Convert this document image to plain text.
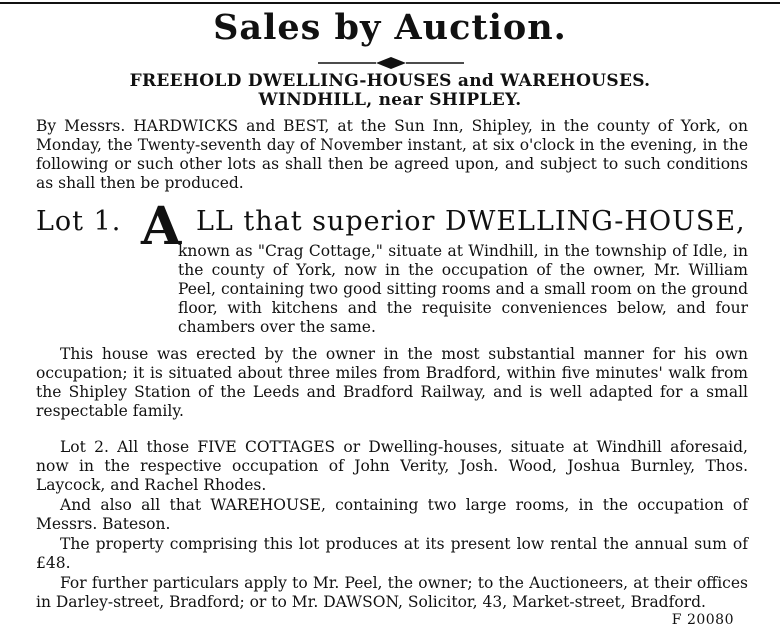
Sales by Auction.
FREEHOLD DWELLING-HOUSES and WAREHOUSES.
WINDHILL, near SHIPLEY.

By Messrs. HARDWICKS and BEST, at the Sun Inn, Shipley, in the county of York, on Monday, the Twenty-seventh day of November instant, at six o'clock in the evening, in the following or such other lots as shall then be agreed upon, and subject to such conditions as shall then be produced.

Lot 1. A LL that superior DWELLING-HOUSE,
known as "Crag Cottage," situate at Windhill, in the township of Idle, in the county of York, now in the occupation of the owner, Mr. William Peel, containing two good sitting rooms and a small room on the ground floor, with kitchens and the requisite conveniences below, and four chambers over the same.

This house was erected by the owner in the most substantial manner for his own occupation; it is situated about three miles from Bradford, within five minutes' walk from the Shipley Station of the Leeds and Bradford Railway, and is well adapted for a small respectable family.

Lot 2. All those FIVE COTTAGES or Dwelling-houses, situate at Windhill aforesaid, now in the respective occupation of John Verity, Josh. Wood, Joshua Burnley, Thos. Laycock, and Rachel Rhodes.

And also all that WAREHOUSE, containing two large rooms, in the occupation of Messrs. Bateson.

The property comprising this lot produces at its present low rental the annual sum of £48.

For further particulars apply to Mr. Peel, the owner; to the Auctioneers, at their offices in Darley-street, Bradford; or to Mr. DAWSON, Solicitor, 43, Market-street, Bradford.

F 20080
